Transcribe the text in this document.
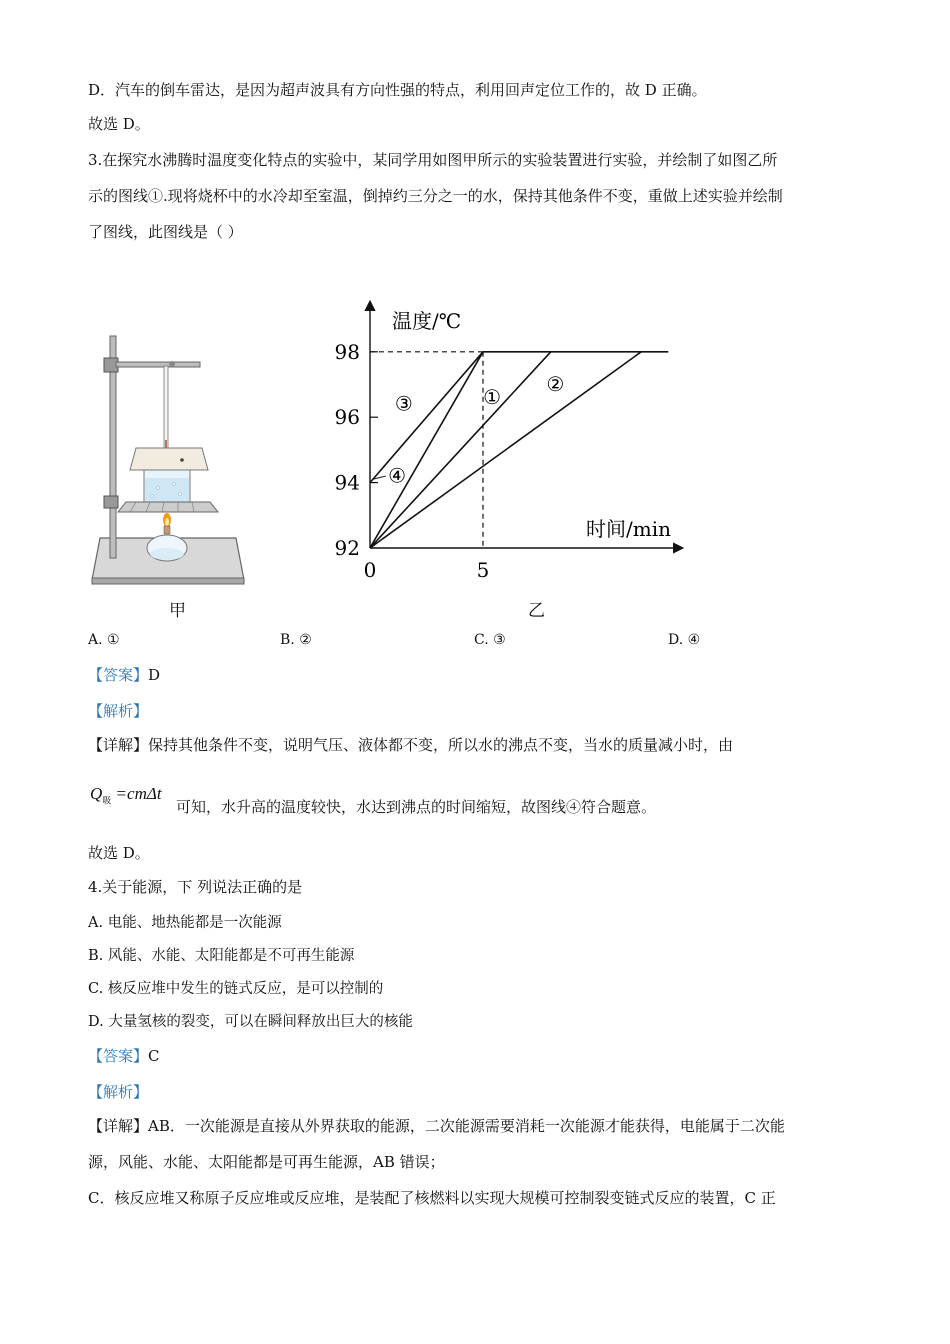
D．汽车的倒车雷达，是因为超声波具有方向性强的特点，利用回声定位工作的，故 D 正确。
故选 D。
3.在探究水沸腾时温度变化特点的实验中，某同学用如图甲所示的实验装置进行实验，并绘制了如图乙所
示的图线①.现将烧杯中的水冷却至室温，倒掉约三分之一的水，保持其他条件不变，重做上述实验并绘制
了图线，此图线是（ ）
甲
温度/℃
时间/min
98
96
94
92
0	5
①
②
③
④
乙
A. ①	B. ②	C. ③	D. ④
【答案】D
【解析】
【详解】保持其他条件不变，说明气压、液体都不变，所以水的沸点不变，当水的质量减小时，由
$Q_吸 =cm\Delta t$
可知，水升高的温度较快，水达到沸点的时间缩短，故图线④符合题意。
故选 D。
4.关于能源，下 列说法正确的是
A. 电能、地热能都是一次能源
B. 风能、水能、太阳能都是不可再生能源
C. 核反应堆中发生的链式反应，是可以控制的
D. 大量氢核的裂变，可以在瞬间释放出巨大的核能
【答案】C
【解析】
【详解】AB．一次能源是直接从外界获取的能源，二次能源需要消耗一次能源才能获得，电能属于二次能
源，风能、水能、太阳能都是可再生能源，AB 错误；
C．核反应堆又称原子反应堆或反应堆，是装配了核燃料以实现大规模可控制裂变链式反应的装置，C 正
